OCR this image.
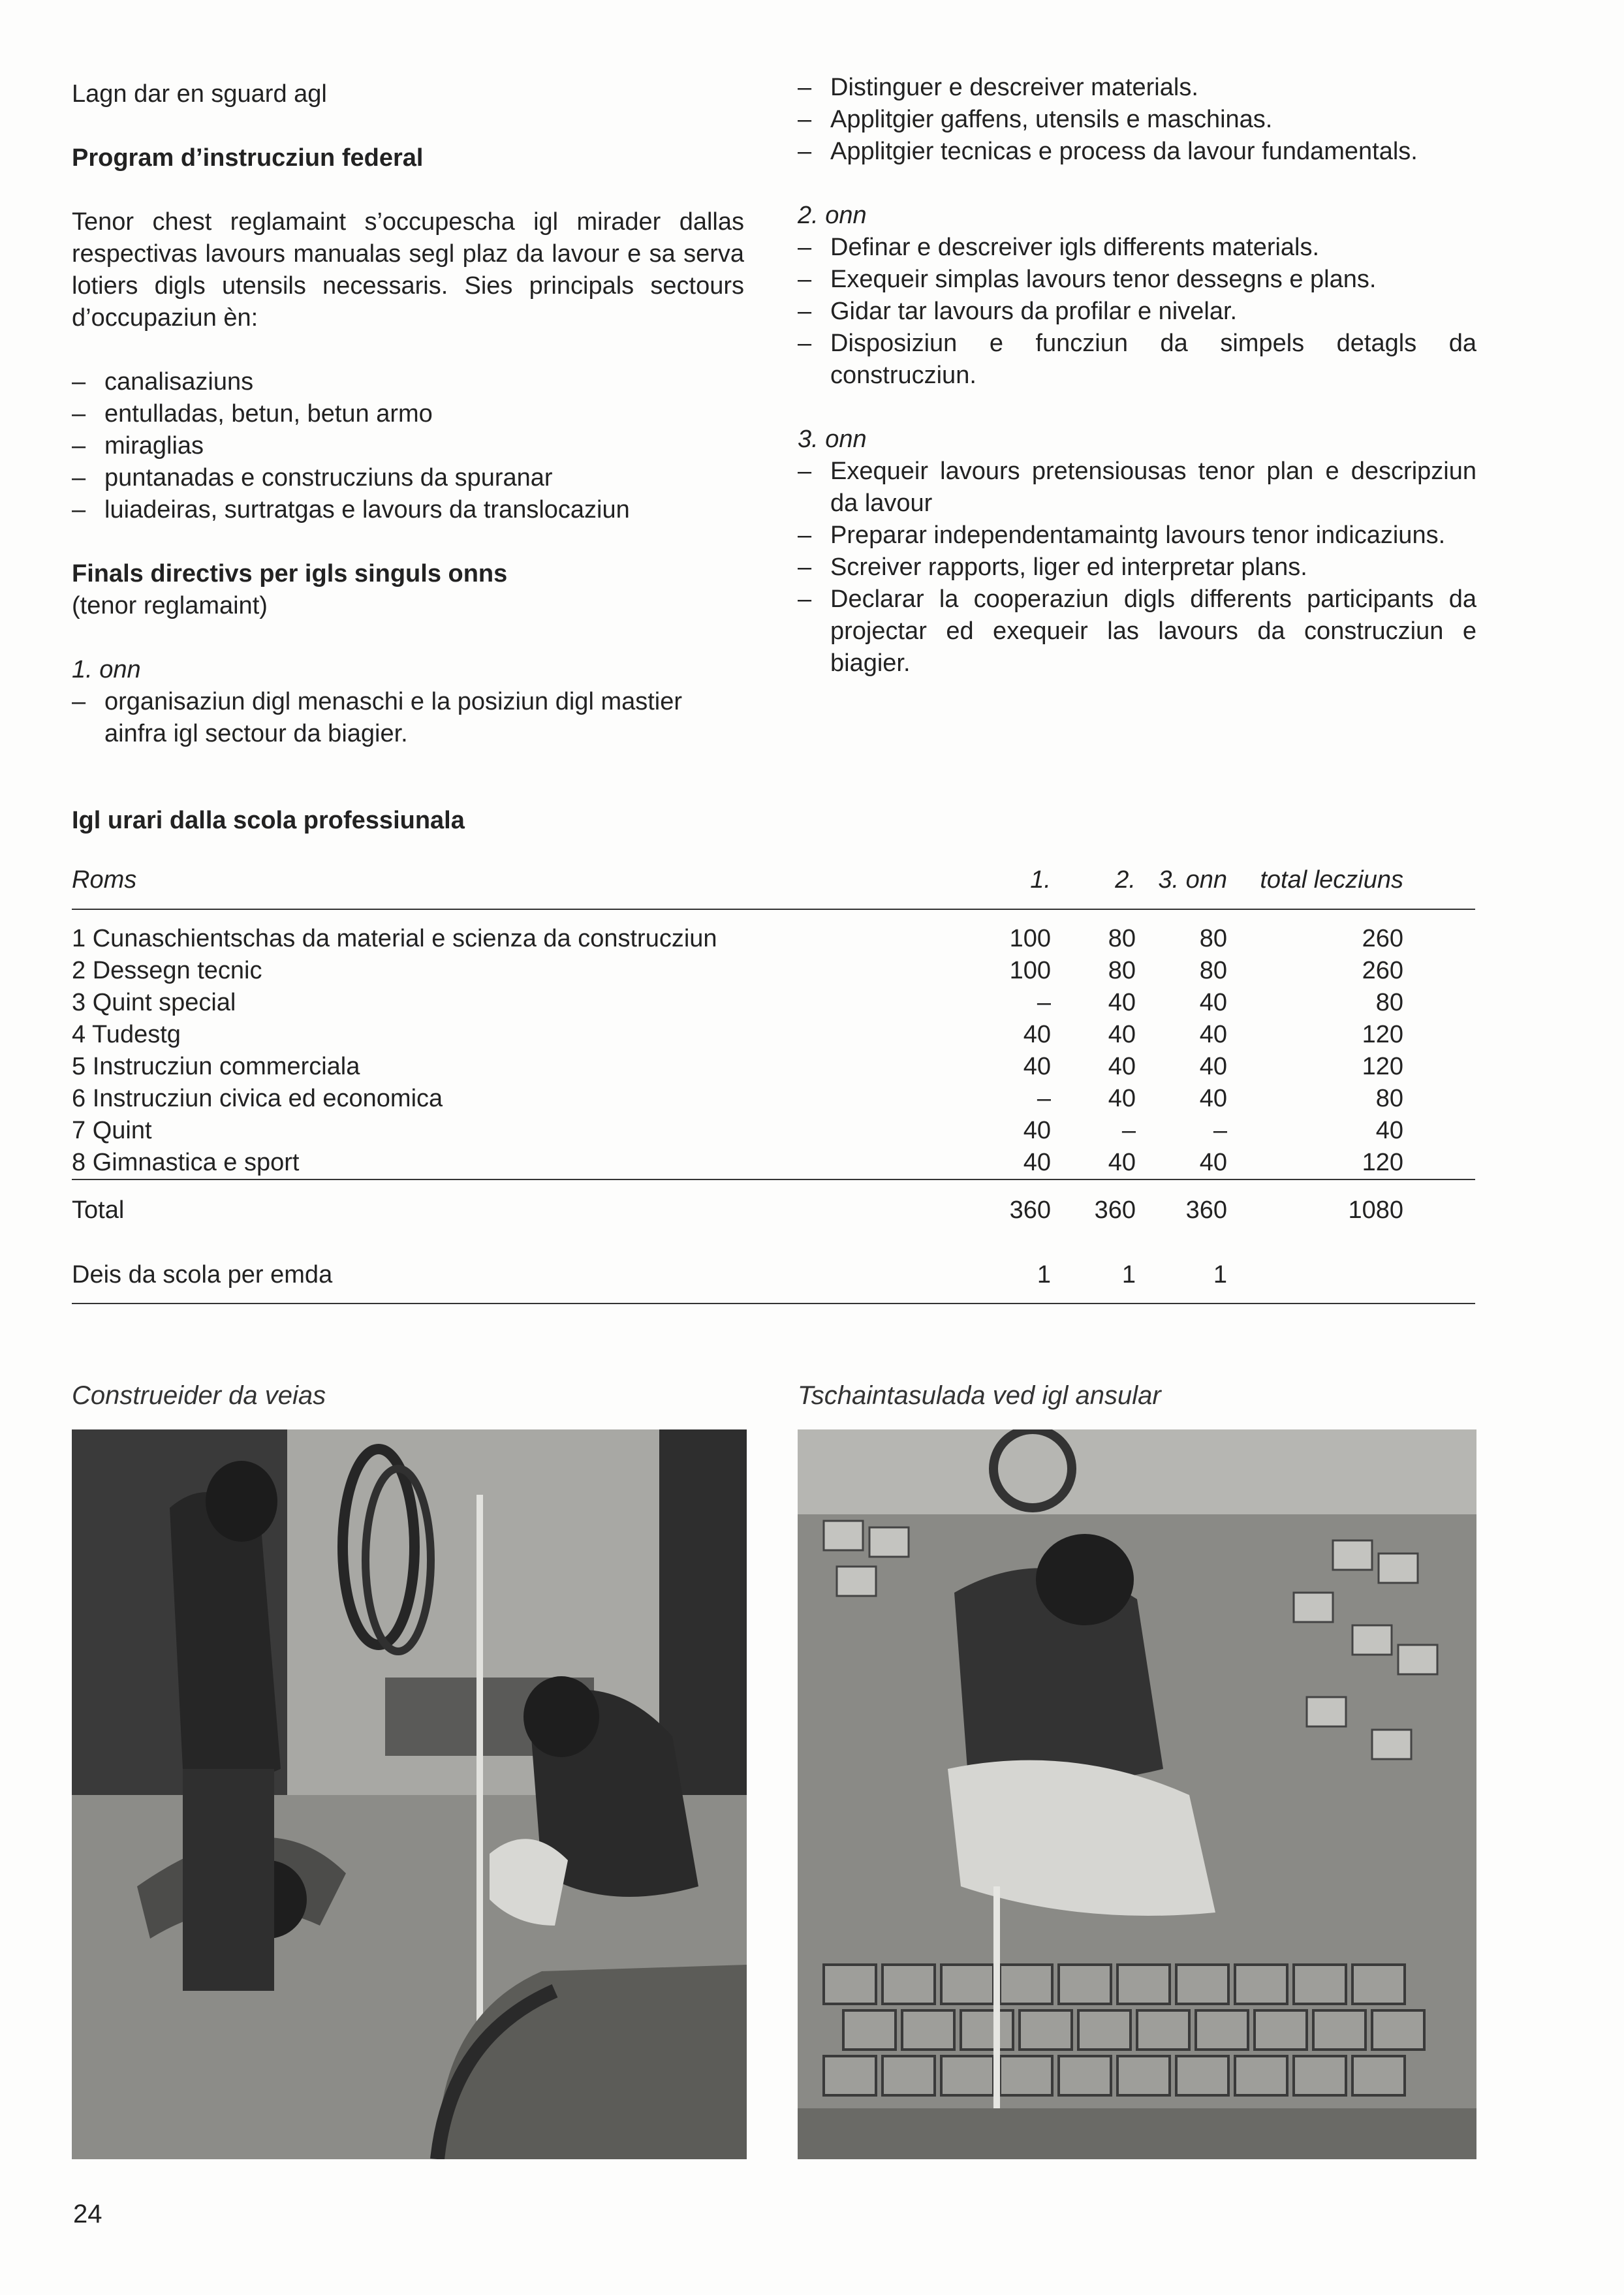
Lagn dar en sguard agl

Program d’instrucziun federal

Tenor chest reglamaint s’occupescha igl mirader dallas respectivas lavours manualas segl plaz da lavour e sa serva lotiers digls utensils necessaris. Sies principals sectours d’occupaziun èn:

– canalisaziuns
– entulladas, betun, betun armo
– miraglias
– puntanadas e construcziuns da spuranar
– luiadeiras, surtratgas e lavours da translocaziun

Finals directivs per igls singuls onns

(tenor reglamaint)

1. onn

– organisaziun digl menaschi e la posiziun digl mastier ainfra igl sectour da biagier.
– Distinguer e descreiver materials.
– Applitgier gaffens, utensils e maschinas.
– Applitgier tecnicas e process da lavour fundamentals.

2. onn

– Definar e descreiver igls differents materials.
– Exequeir simplas lavours tenor dessegns e plans.
– Gidar tar lavours da profilar e nivelar.
– Disposiziun e funcziun da simpels detagls da construcziun.

3. onn

– Exequeir lavours pretensiousas tenor plan e descripziun da lavour
– Preparar independentamaintg lavours tenor indicaziuns.
– Screiver rapports, liger ed interpretar plans.
– Declarar la cooperaziun digls differents participants da projectar ed exequeir las lavours da construcziun e biagier.
Igl urari dalla scola professiunala
Roms	1.	2.	3. onn	total lecziuns	
1 Cunaschientschas da material e scienza da construcziun	100	80	80	260	
2 Dessegn tecnic	100	80	80	260	
3 Quint special	–	40	40	80	
4 Tudestg	40	40	40	120	
5 Instrucziun commerciala	40	40	40	120	
6 Instrucziun civica ed economica	–	40	40	80	
7 Quint	40	–	–	40	
8 Gimnastica e sport	40	40	40	120	
Total	360	360	360	1080	

Deis da scola per emda	1	1	1		
Construeider da veias	Tschaintasulada ved igl ansular
24
